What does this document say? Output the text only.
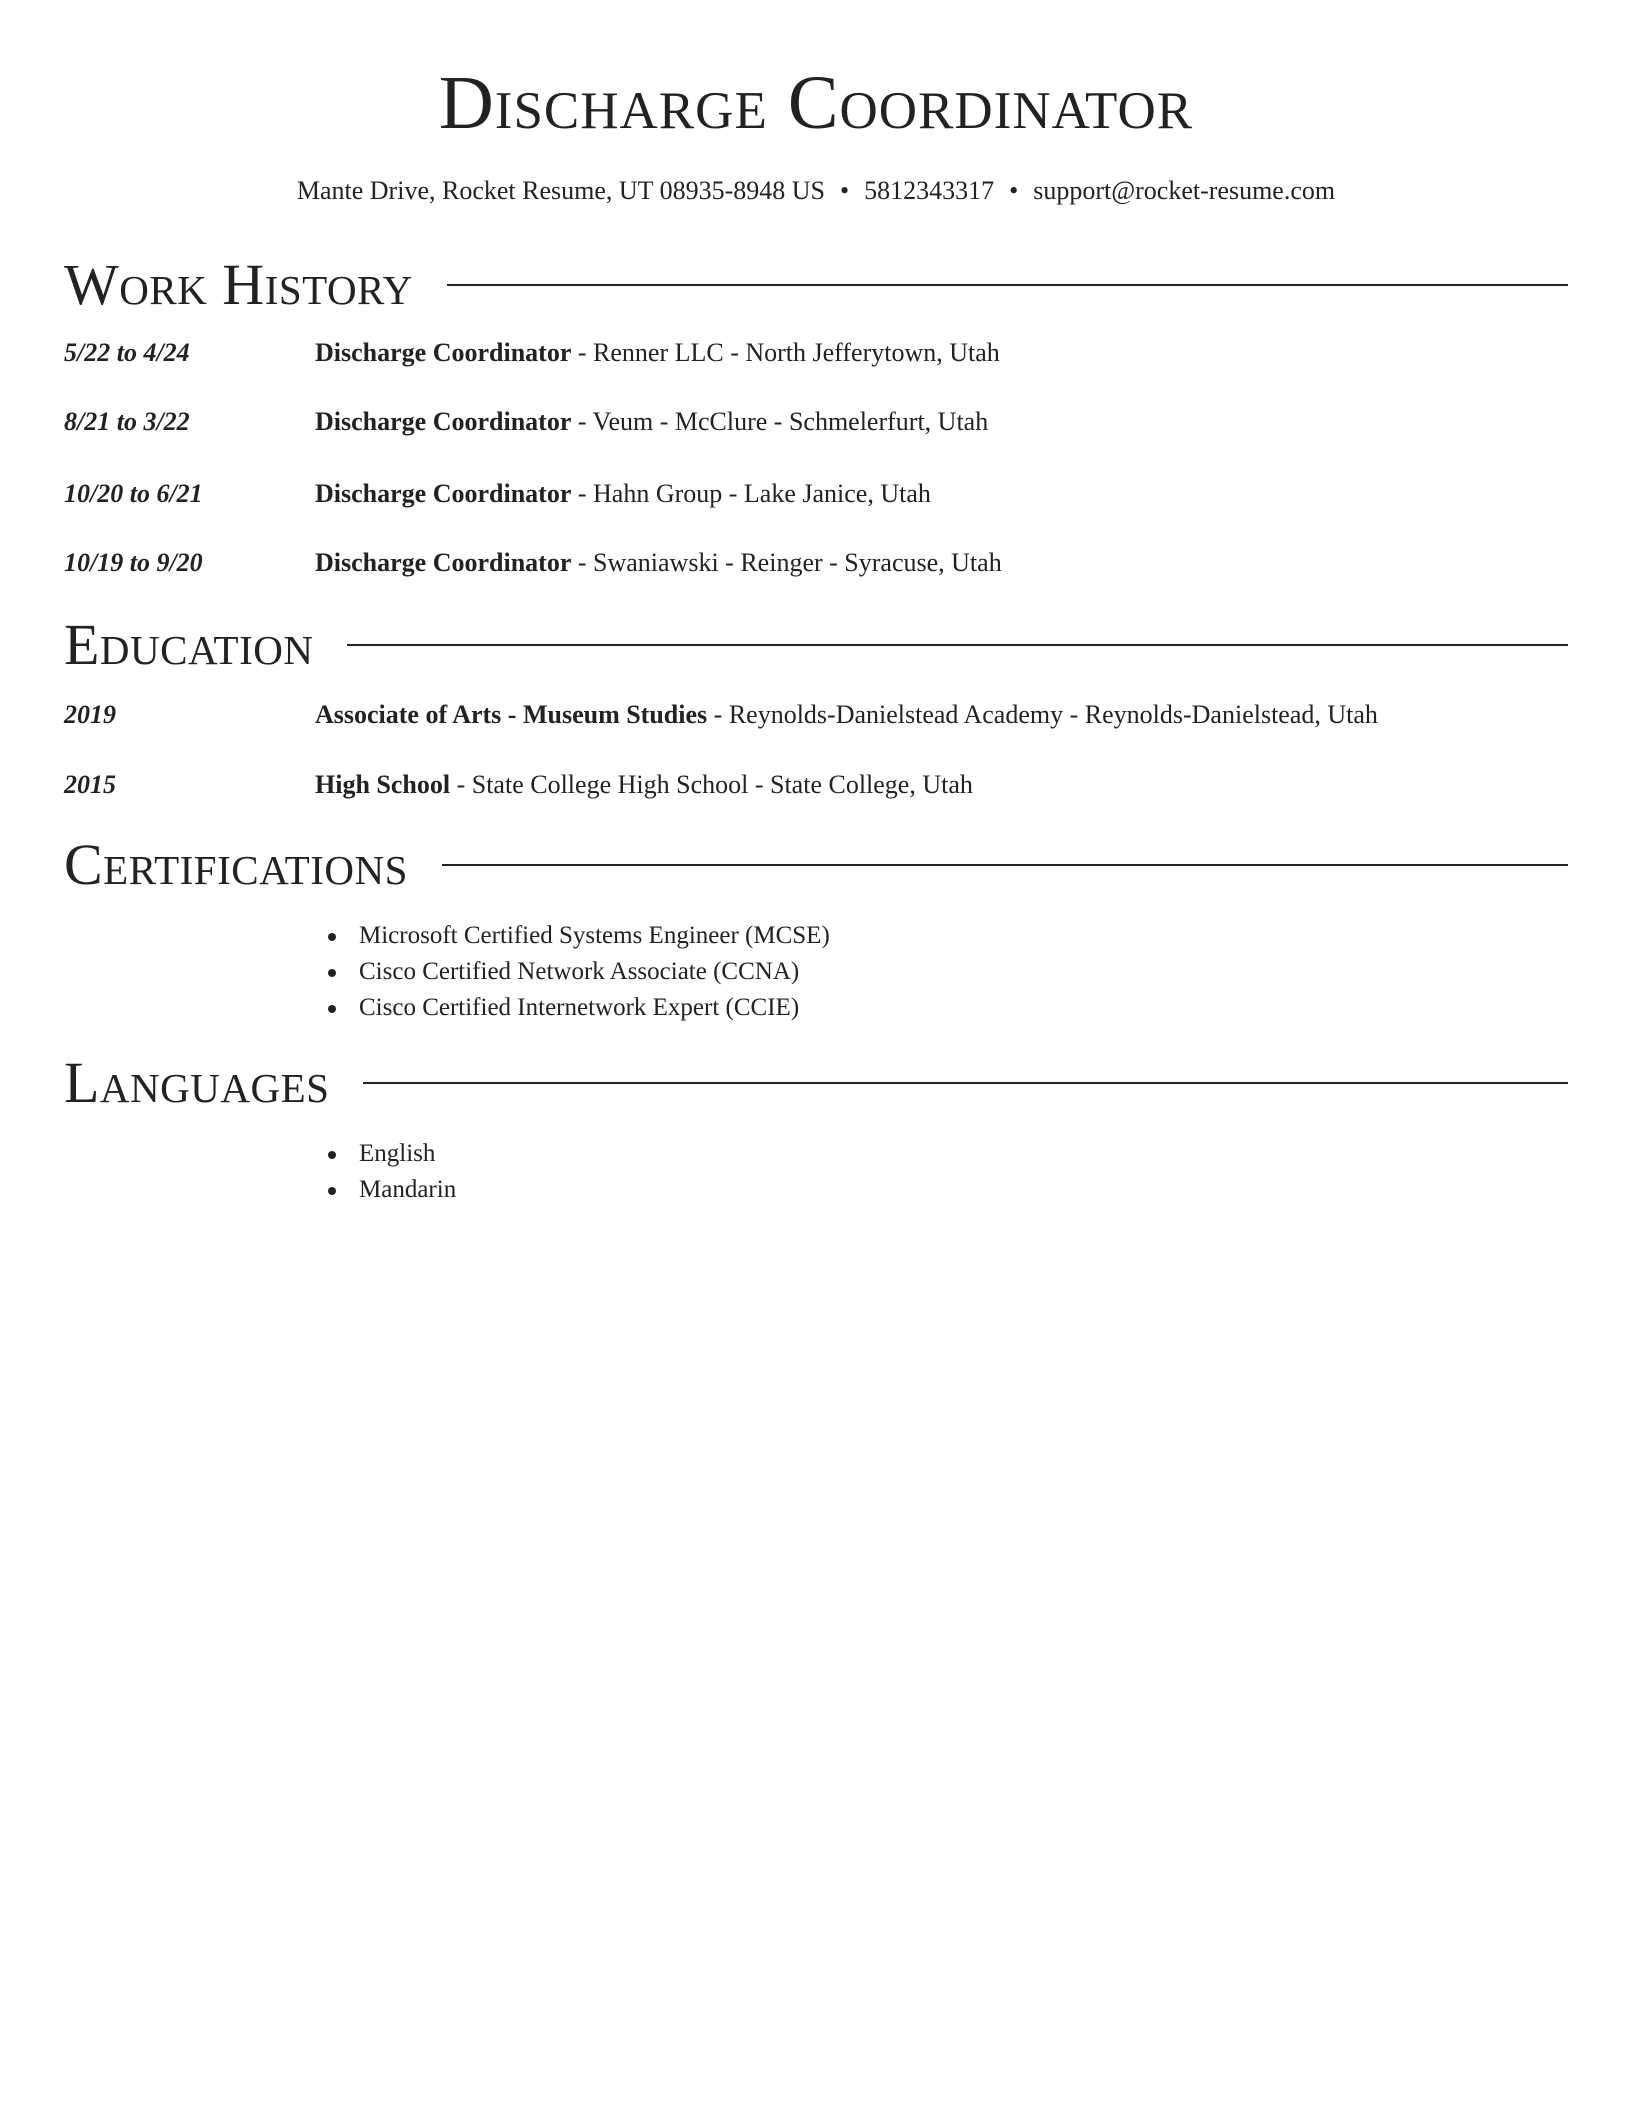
Discharge Coordinator
Mante Drive, Rocket Resume, UT 08935-8948 US • 5812343317 • support@rocket-resume.com
Work History
5/22 to 4/24	Discharge Coordinator - Renner LLC - North Jefferytown, Utah
8/21 to 3/22	Discharge Coordinator - Veum - McClure - Schmelerfurt, Utah
10/20 to 6/21	Discharge Coordinator - Hahn Group - Lake Janice, Utah
10/19 to 9/20	Discharge Coordinator - Swaniawski - Reinger - Syracuse, Utah
Education
2019	Associate of Arts - Museum Studies - Reynolds-Danielstead Academy - Reynolds-Danielstead, Utah
2015	High School - State College High School - State College, Utah
Certifications
Microsoft Certified Systems Engineer (MCSE)
Cisco Certified Network Associate (CCNA)
Cisco Certified Internetwork Expert (CCIE)
Languages
English
Mandarin
